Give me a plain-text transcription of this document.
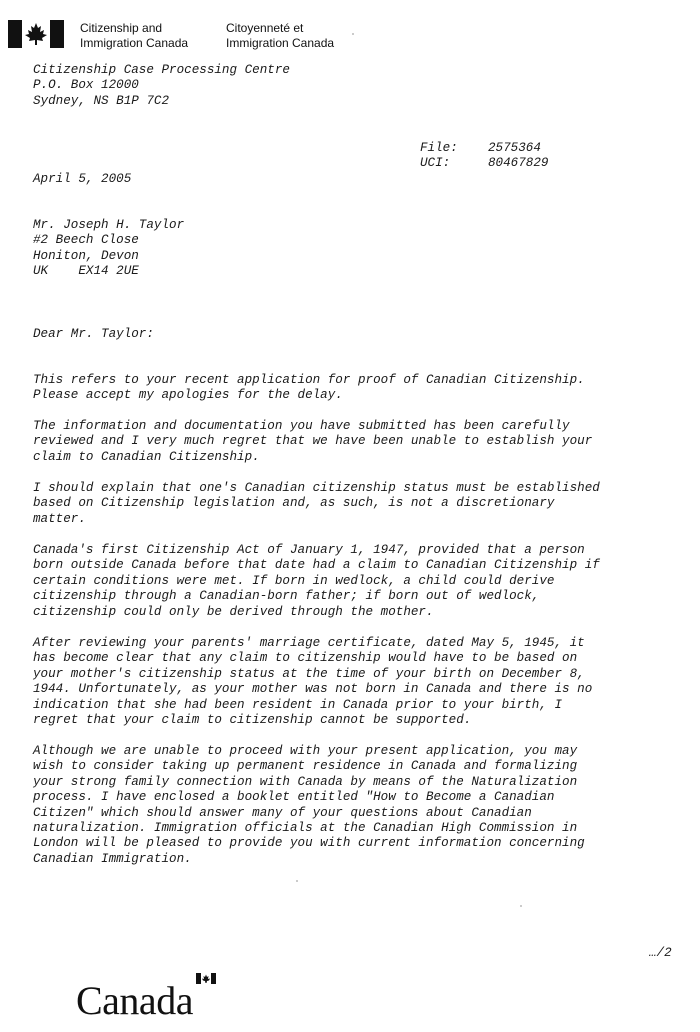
Citizenship and
Immigration Canada
Citoyenneté et
Immigration Canada
Citizenship Case Processing Centre
P.O. Box 12000
Sydney, NS B1P 7C2
File:
UCI:
2575364
80467829
April 5, 2005
Mr. Joseph H. Taylor
#2 Beech Close
Honiton, Devon
UK    EX14 2UE
Dear Mr. Taylor:
This refers to your recent application for proof of Canadian Citizenship.
Please accept my apologies for the delay.
The information and documentation you have submitted has been carefully
reviewed and I very much regret that we have been unable to establish your
claim to Canadian Citizenship.
I should explain that one's Canadian citizenship status must be established
based on Citizenship legislation and, as such, is not a discretionary
matter.
Canada's first Citizenship Act of January 1, 1947, provided that a person
born outside Canada before that date had a claim to Canadian Citizenship if
certain conditions were met. If born in wedlock, a child could derive
citizenship through a Canadian-born father; if born out of wedlock,
citizenship could only be derived through the mother.
After reviewing your parents' marriage certificate, dated May 5, 1945, it
has become clear that any claim to citizenship would have to be based on
your mother's citizenship status at the time of your birth on December 8,
1944. Unfortunately, as your mother was not born in Canada and there is no
indication that she had been resident in Canada prior to your birth, I
regret that your claim to citizenship cannot be supported.
Although we are unable to proceed with your present application, you may
wish to consider taking up permanent residence in Canada and formalizing
your strong family connection with Canada by means of the Naturalization
process. I have enclosed a booklet entitled "How to Become a Canadian
Citizen" which should answer many of your questions about Canadian
naturalization. Immigration officials at the Canadian High Commission in
London will be pleased to provide you with current information concerning
Canadian Immigration.
…/2
Canada
